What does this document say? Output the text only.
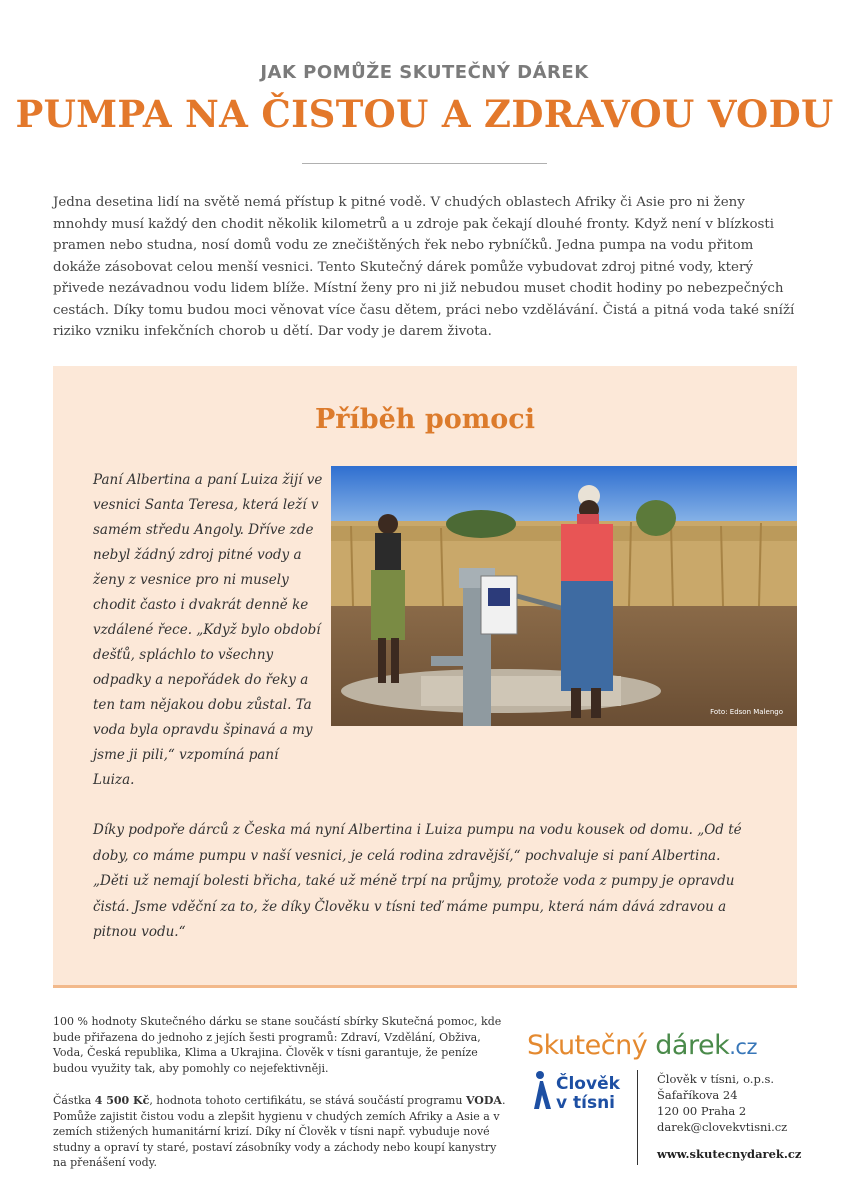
JAK POMŮŽE SKUTEČNÝ DÁREK
PUMPA NA ČISTOU A ZDRAVOU VODU
Jedna desetina lidí na světě nemá přístup k pitné vodě. V chudých oblastech Afriky či Asie pro ni ženy mnohdy musí každý den chodit několik kilometrů a u zdroje pak čekají dlouhé fronty. Když není v blízkosti pramen nebo studna, nosí domů vodu ze znečištěných řek nebo rybníčků. Jedna pumpa na vodu přitom dokáže zásobovat celou menší vesnici. Tento Skutečný dárek pomůže vybudovat zdroj pitné vody, který přivede nezávadnou vodu lidem blíže. Místní ženy pro ni již nebudou muset chodit hodiny po nebezpečných cestách. Díky tomu budou moci věnovat více času dětem, práci nebo vzdělávání. Čistá a pitná voda také sníží riziko vzniku infekčních chorob u dětí. Dar vody je darem života.
Příběh pomoci
Paní Albertina a paní Luiza žijí ve vesnici Santa Teresa, která leží v samém středu Angoly. Dříve zde nebyl žádný zdroj pitné vody a ženy z vesnice pro ni musely chodit často i dvakrát denně ke vzdálené řece. „Když bylo období dešťů, spláchlo to všechny odpadky a nepořádek do řeky a ten tam nějakou dobu zůstal. Ta voda byla opravdu špinavá a my jsme ji pili,“ vzpomíná paní Luiza.
Foto: Edson Malengo
Díky podpoře dárců z Česka má nyní Albertina i Luiza pumpu na vodu kousek od domu. „Od té doby, co máme pumpu v naší vesnici, je celá rodina zdravější,“ pochvaluje si paní Albertina. „Děti už nemají bolesti břicha, také už méně trpí na průjmy, protože voda z pumpy je opravdu čistá. Jsme vděční za to, že díky Člověku v tísni teď máme pumpu, která nám dává zdravou a pitnou vodu.“
100 % hodnoty Skutečného dárku se stane součástí sbírky Skutečná pomoc, kde bude přiřazena do jednoho z jejích šesti programů: Zdraví, Vzdělání, Obživa, Voda, Česká republika, Klima a Ukrajina. Člověk v tísni garantuje, že peníze budou využity tak, aby pomohly co nejefektivněji.
Částka 4 500 Kč, hodnota tohoto certifikátu, se stává součástí programu VODA. Pomůže zajistit čistou vodu a zlepšit hygienu v chudých zemích Afriky a Asie a v zemích stižených humanitární krizí. Díky ní Člověk v tísni např. vybuduje nové studny a opraví ty staré, postaví zásobníky vody a záchody nebo koupí kanystry na přenášení vody.
Skutečný dárek.cz
Člověk
v tísni
Člověk v tísni, o.p.s.
Šafaříkova 24
120 00 Praha 2
darek@clovekvtisni.cz
www.skutecnydarek.cz
